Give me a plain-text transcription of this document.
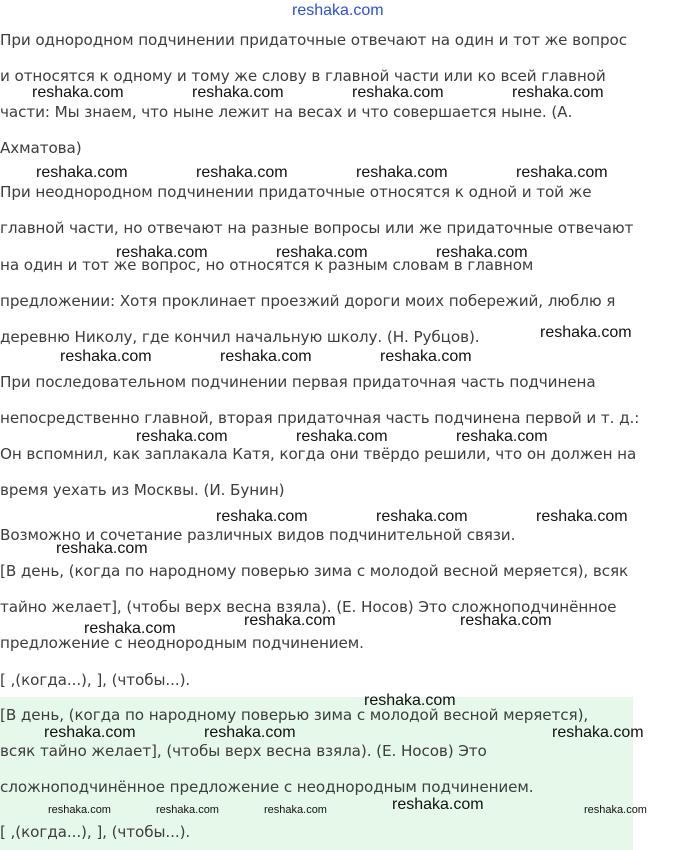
reshaka.com
При однородном подчинении придаточные отвечают на один и тот же вопрос
и относятся к одному и тому же слову в главной части или ко всей главной
части: Мы знаем, что ныне лежит на весах и что совершается ныне. (А.
Ахматова)
При неоднородном подчинении придаточные относятся к одной и той же
главной части, но отвечают на разные вопросы или же придаточные отвечают
на один и тот же вопрос, но относятся к разным словам в главном
предложении: Хотя проклинает проезжий дороги моих побережий, люблю я
деревню Николу, где кончил начальную школу. (Н. Рубцов).
При последовательном подчинении первая придаточная часть подчинена
непосредственно главной, вторая придаточная часть подчинена первой и т. д.:
Он вспомнил, как заплакала Катя, когда они твёрдо решили, что он должен на
время уехать из Москвы. (И. Бунин)
Возможно и сочетание различных видов подчинительной связи.
[В день, (когда по народному поверью зима с молодой весной меряется), всяк
тайно желает], (чтобы верх весна взяла). (Е. Носов) Это сложноподчинённое
предложение с неоднородным подчинением.
[ ,(когда...), ], (чтобы...).
[В день, (когда по народному поверью зима с молодой весной меряется),
всяк тайно желает], (чтобы верх весна взяла). (Е. Носов) Это
сложноподчинённое предложение с неоднородным подчинением.
[ ,(когда...), ], (чтобы...).
reshaka.com	reshaka.com	reshaka.com	reshaka.com
reshaka.com	reshaka.com	reshaka.com	reshaka.com
reshaka.com	reshaka.com	reshaka.com
reshaka.com
reshaka.com	reshaka.com	reshaka.com
reshaka.com	reshaka.com	reshaka.com
reshaka.com	reshaka.com	reshaka.com
reshaka.com
reshaka.com	reshaka.com
reshaka.com
reshaka.com
reshaka.com	reshaka.com	reshaka.com
reshaka.com
reshaka.com	reshaka.com	reshaka.com	reshaka.com
